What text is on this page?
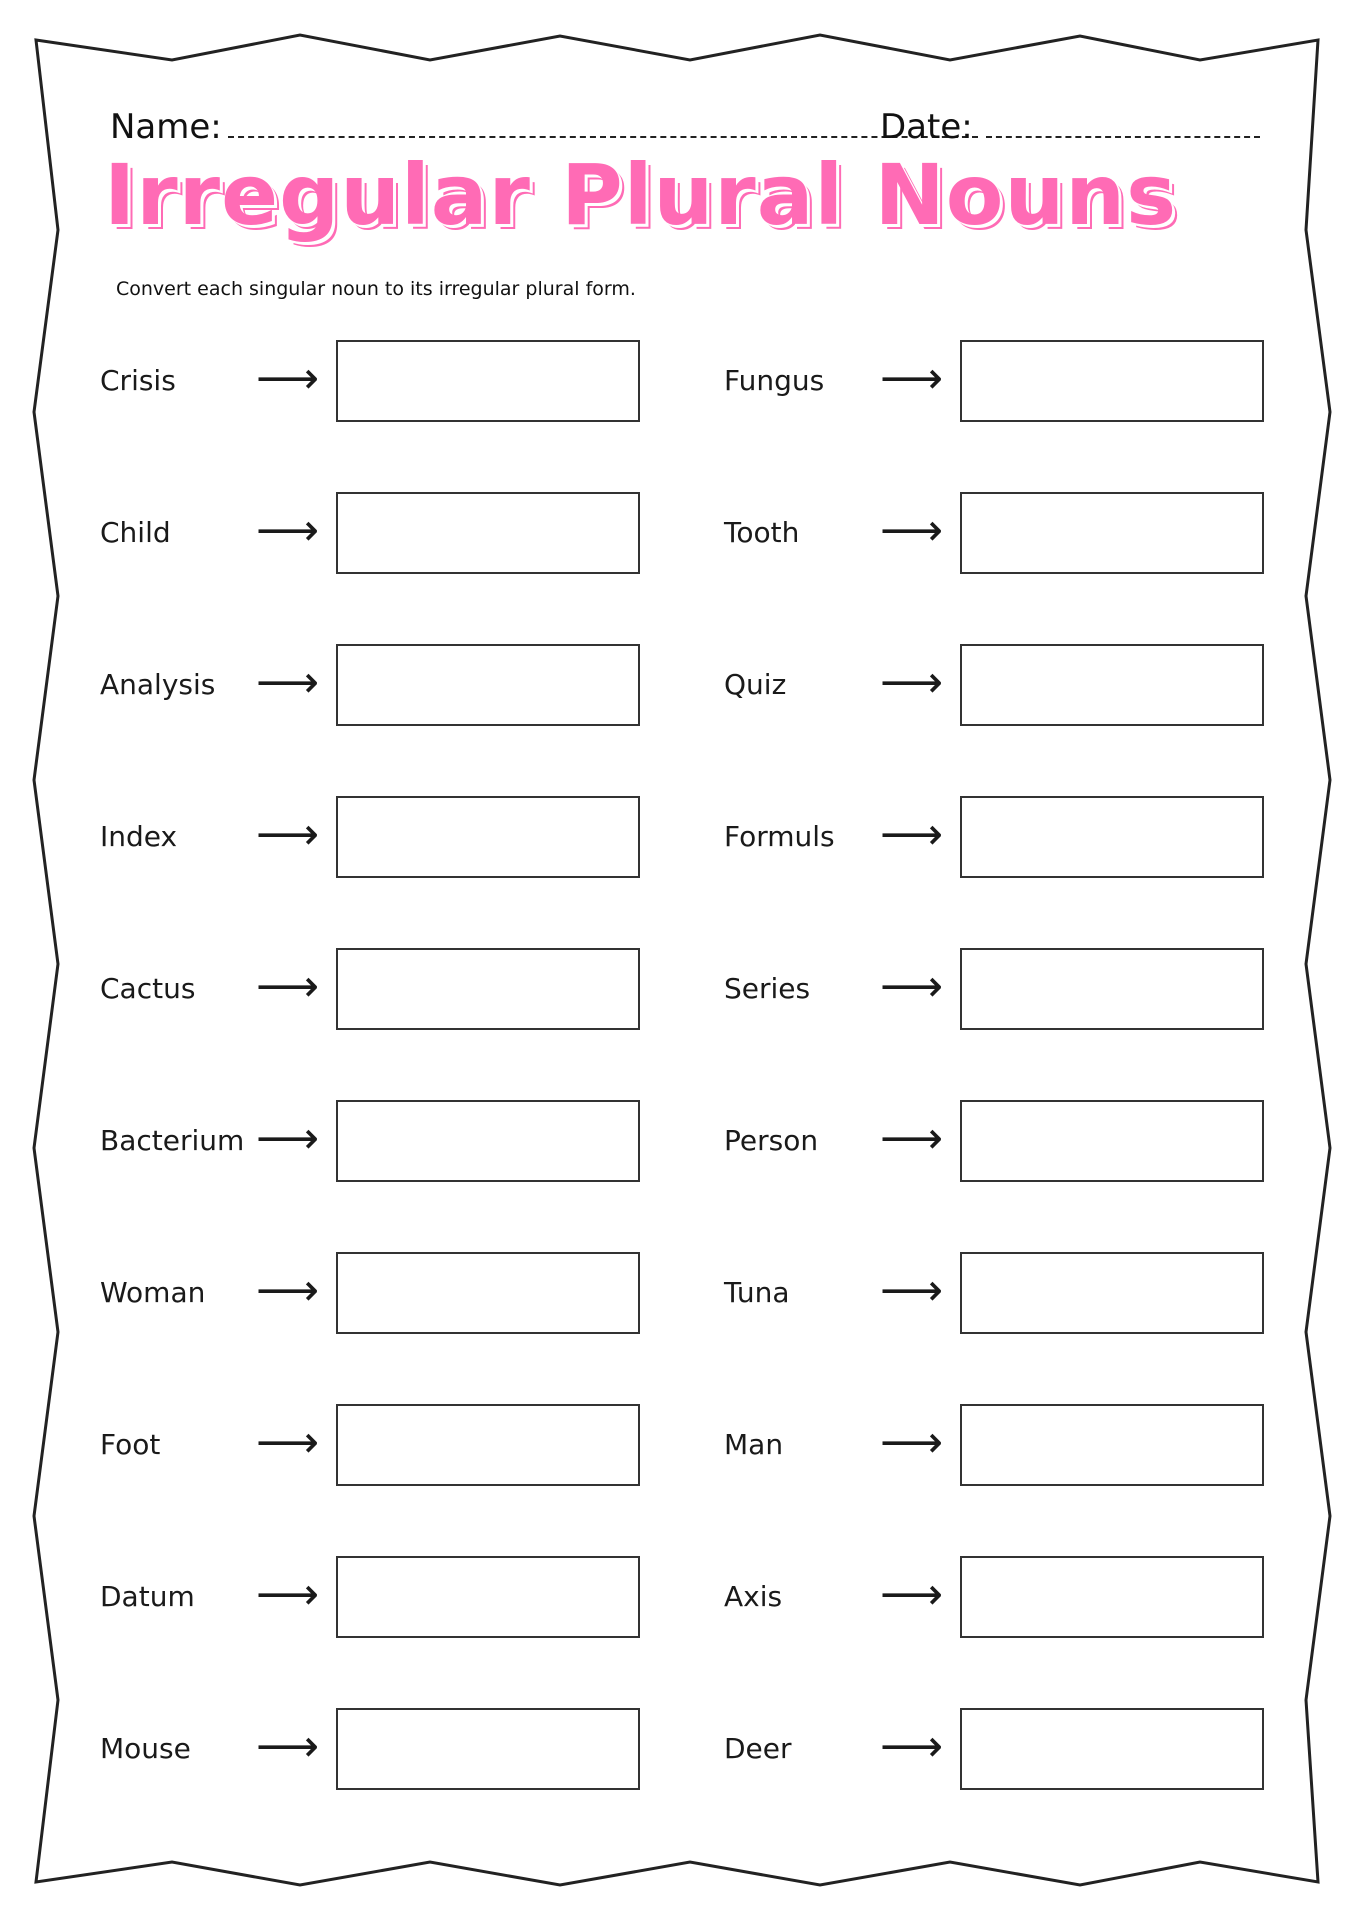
Name:	Date:
Irregular Plural Nouns
Convert each singular noun to its irregular plural form.
Crisis ⟶
Child ⟶
Analysis ⟶
Index ⟶
Cactus ⟶
Bacterium ⟶
Woman ⟶
Foot ⟶
Datum ⟶
Mouse ⟶
Fungus ⟶
Tooth ⟶
Quiz ⟶
Formuls ⟶
Series ⟶
Person ⟶
Tuna ⟶
Man ⟶
Axis ⟶
Deer ⟶
